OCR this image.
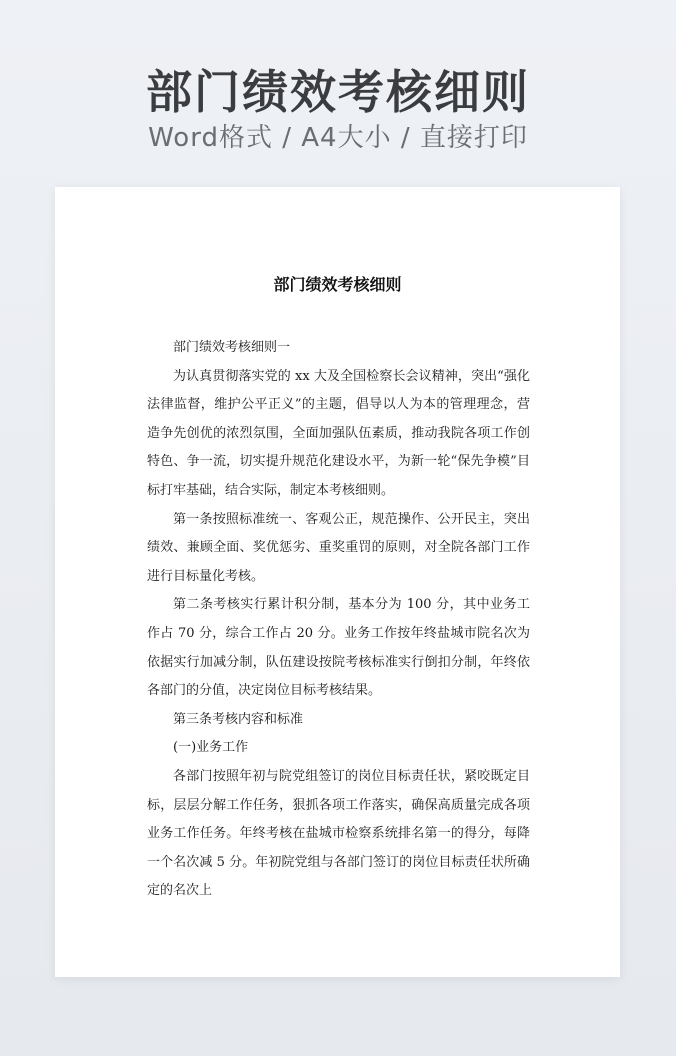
部门绩效考核细则
Word格式 / A4大小 / 直接打印
部门绩效考核细则

部门绩效考核细则一

为认真贯彻落实党的 xx 大及全国检察长会议精神，突出“强化法律监督，维护公平正义”的主题，倡导以人为本的管理理念，营造争先创优的浓烈氛围，全面加强队伍素质，推动我院各项工作创特色、争一流，切实提升规范化建设水平，为新一轮“保先争模”目标打牢基础，结合实际，制定本考核细则。

第一条按照标准统一、客观公正，规范操作、公开民主，突出绩效、兼顾全面、奖优惩劣、重奖重罚的原则，对全院各部门工作进行目标量化考核。

第二条考核实行累计积分制，基本分为 100 分，其中业务工作占 70 分，综合工作占 20 分。业务工作按年终盐城市院名次为依据实行加减分制，队伍建设按院考核标准实行倒扣分制，年终依各部门的分值，决定岗位目标考核结果。

第三条考核内容和标准

(一)业务工作

各部门按照年初与院党组签订的岗位目标责任状，紧咬既定目标，层层分解工作任务，狠抓各项工作落实，确保高质量完成各项业务工作任务。年终考核在盐城市检察系统排名第一的得分，每降一个名次减 5 分。年初院党组与各部门签订的岗位目标责任状所确定的名次上
